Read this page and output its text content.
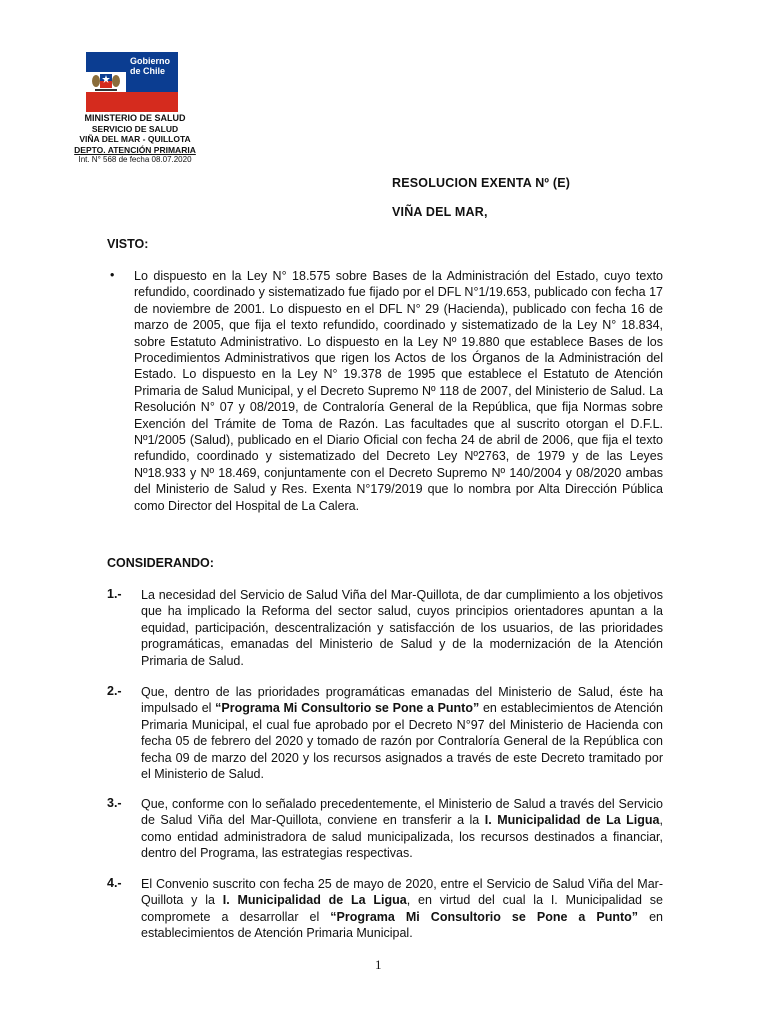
Gobierno de Chile
MINISTERIO DE SALUD
SERVICIO DE SALUD
VIÑA DEL MAR - QUILLOTA
DEPTO. ATENCIÓN PRIMARIA
Int. N° 568 de fecha 08.07.2020
RESOLUCION EXENTA Nº (E)
VIÑA DEL MAR,
VISTO:
• Lo dispuesto en la Ley N° 18.575 sobre Bases de la Administración del Estado, cuyo texto refundido, coordinado y sistematizado fue fijado por el DFL N°1/19.653, publicado con fecha 17 de noviembre de 2001. Lo dispuesto en el DFL N° 29 (Hacienda), publicado con fecha 16 de marzo de 2005, que fija el texto refundido, coordinado y sistematizado de la Ley N° 18.834, sobre Estatuto Administrativo. Lo dispuesto en la Ley Nº 19.880 que establece Bases de los Procedimientos Administrativos que rigen los Actos de los Órganos de la Administración del Estado. Lo dispuesto en la Ley N° 19.378 de 1995 que establece el Estatuto de Atención Primaria de Salud Municipal, y el Decreto Supremo Nº 118 de 2007, del Ministerio de Salud. La Resolución N° 07 y 08/2019, de Contraloría General de la República, que fija Normas sobre Exención del Trámite de Toma de Razón. Las facultades que al suscrito otorgan el D.F.L. Nº1/2005 (Salud), publicado en el Diario Oficial con fecha 24 de abril de 2006, que fija el texto refundido, coordinado y sistematizado del Decreto Ley Nº2763, de 1979 y de las Leyes Nº18.933 y Nº 18.469, conjuntamente con el Decreto Supremo Nº 140/2004 y 08/2020 ambas del Ministerio de Salud y Res. Exenta N°179/2019 que lo nombra por Alta Dirección Pública como Director del Hospital de La Calera.
CONSIDERANDO:
1.- La necesidad del Servicio de Salud Viña del Mar-Quillota, de dar cumplimiento a los objetivos que ha implicado la Reforma del sector salud, cuyos principios orientadores apuntan a la equidad, participación, descentralización y satisfacción de los usuarios, de las prioridades programáticas, emanadas del Ministerio de Salud y de la modernización de la Atención Primaria de Salud.
2.- Que, dentro de las prioridades programáticas emanadas del Ministerio de Salud, éste ha impulsado el “Programa Mi Consultorio se Pone a Punto” en establecimientos de Atención Primaria Municipal, el cual fue aprobado por el Decreto N°97 del Ministerio de Hacienda con fecha 05 de febrero del 2020 y tomado de razón por Contraloría General de la República con fecha 09 de marzo del 2020 y los recursos asignados a través de este Decreto tramitado por el Ministerio de Salud.
3.- Que, conforme con lo señalado precedentemente, el Ministerio de Salud a través del Servicio de Salud Viña del Mar-Quillota, conviene en transferir a la I. Municipalidad de La Ligua, como entidad administradora de salud municipalizada, los recursos destinados a financiar, dentro del Programa, las estrategias respectivas.
4.- El Convenio suscrito con fecha 25 de mayo de 2020, entre el Servicio de Salud Viña del Mar-Quillota y la I. Municipalidad de La Ligua, en virtud del cual la I. Municipalidad se compromete a desarrollar el “Programa Mi Consultorio se Pone a Punto” en establecimientos de Atención Primaria Municipal.
1
